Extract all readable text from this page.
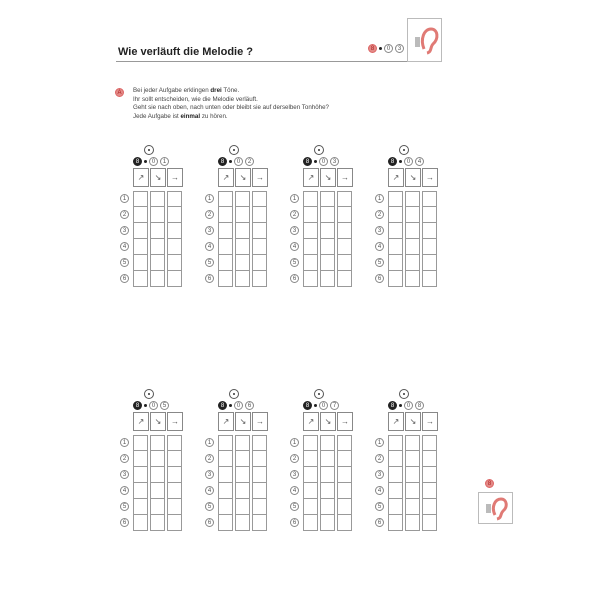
Wie verläuft die Melodie ?	8	0	3
A	Bei jeder Aufgabe erklingen drei Töne.
Ihr sollt entscheiden, wie die Melodie verläuft.
Geht sie nach oben, nach unten oder bleibt sie auf derselben Tonhöhe?
Jede Aufgabe ist einmal zu hören.
8	0	1
↗	↘	→
1
2
3
4
5
6
8	0	2
↗	↘	→
1
2
3
4
5
6
8	0	3
↗	↘	→
1
2
3
4
5
6
8	0	4
↗	↘	→
1
2
3
4
5
6
8	0	5
↗	↘	→
1
2
3
4
5
6
8	0	6
↗	↘	→
1
2
3
4
5
6
8	0	7
↗	↘	→
1
2
3
4
5
6
8	0	8
↗	↘	→
1
2
3
4
5
6
8
